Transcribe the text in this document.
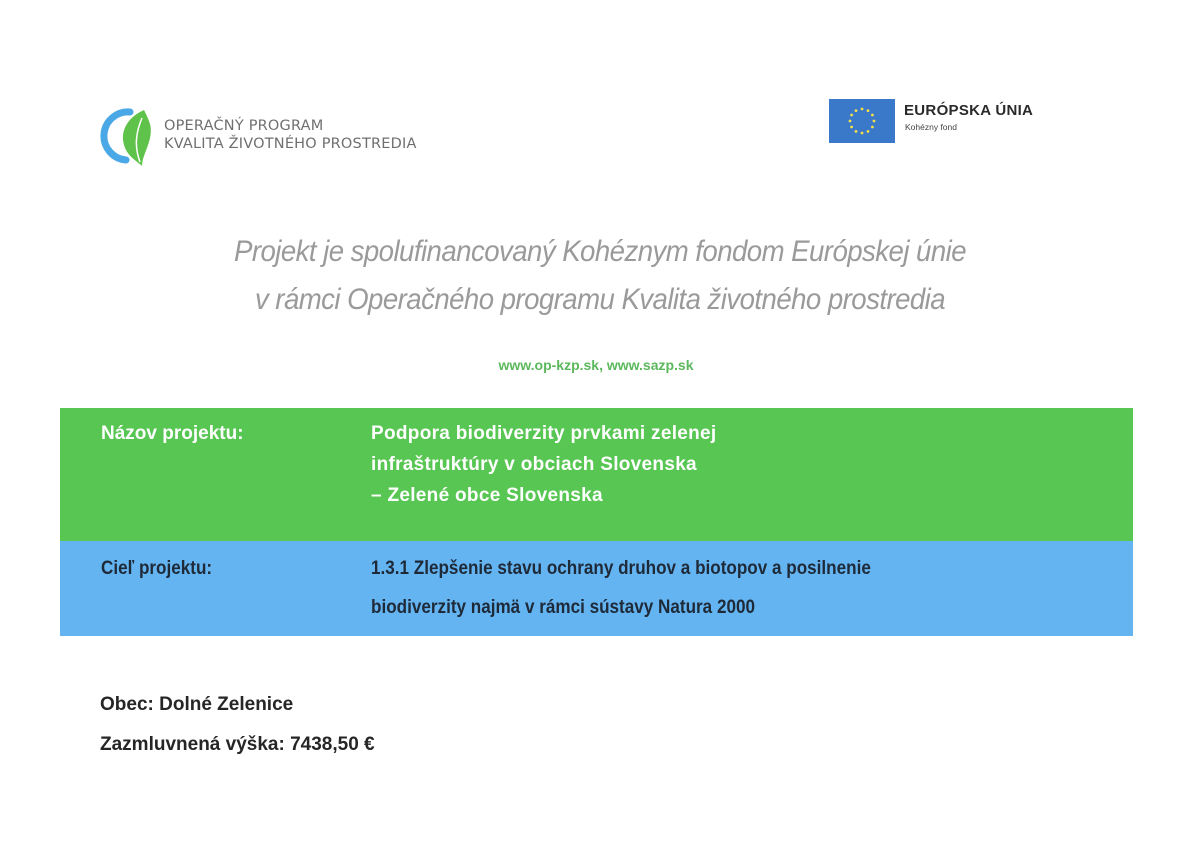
OPERAČNÝ PROGRAM
KVALITA ŽIVOTNÉHO PROSTREDIA
EURÓPSKA ÚNIA
Kohézny fond
Projekt je spolufinancovaný Kohéznym fondom Európskej únie
v rámci Operačného programu Kvalita životného prostredia
www.op-kzp.sk, www.sazp.sk
Názov projektu:	Podpora biodiverzity prvkami zelenej
infraštruktúry v obciach Slovenska
– Zelené obce Slovenska
Cieľ projektu:	1.3.1 Zlepšenie stavu ochrany druhov a biotopov a posilnenie
biodiverzity najmä v rámci sústavy Natura 2000
Obec: Dolné Zelenice
Zazmluvnená výška: 7438,50 €
